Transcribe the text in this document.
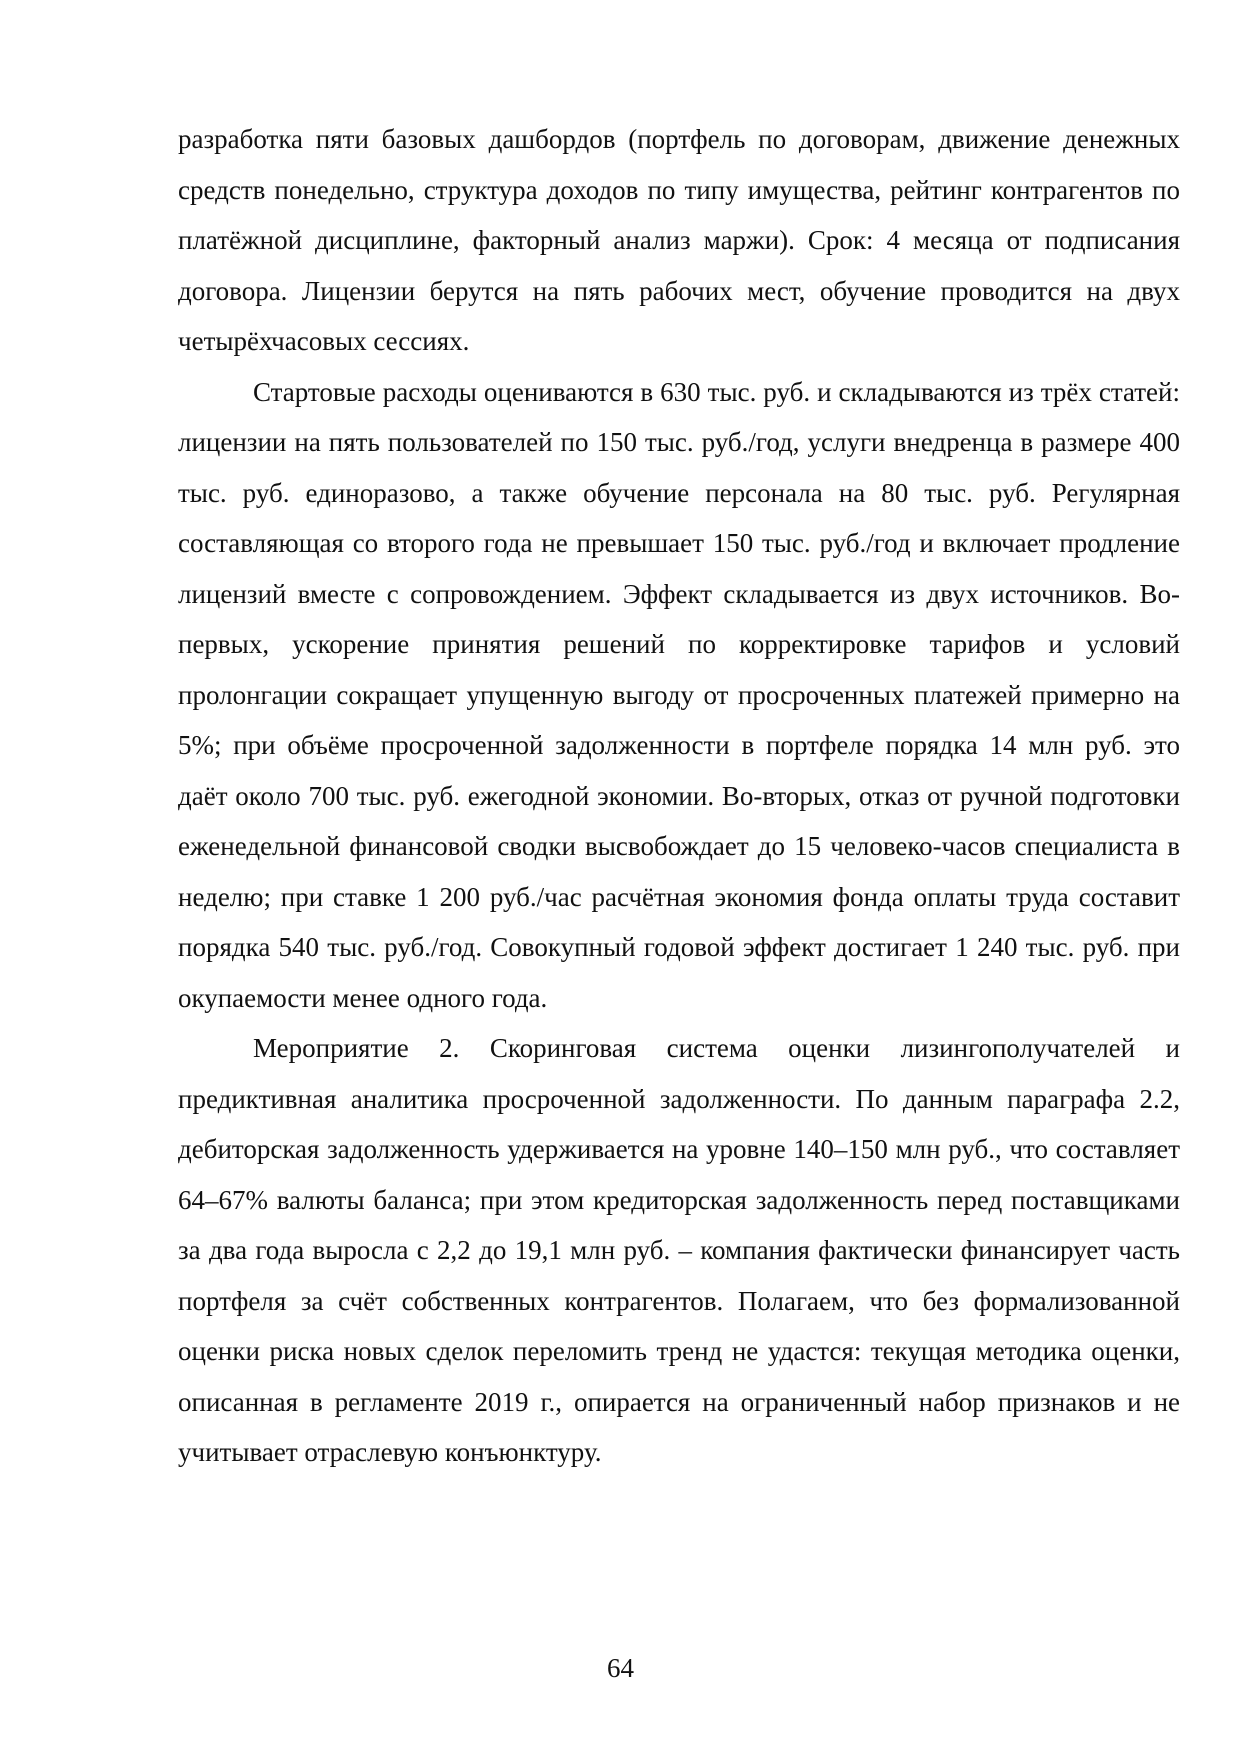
разработка пяти базовых дашбордов (портфель по договорам, движение денежных средств понедельно, структура доходов по типу имущества, рейтинг контрагентов по платёжной дисциплине, факторный анализ маржи). Срок: 4 месяца от подписания договора. Лицензии берутся на пять рабочих мест, обучение проводится на двух четырёхчасовых сессиях.

Стартовые расходы оцениваются в 630 тыс. руб. и складываются из трёх статей: лицензии на пять пользователей по 150 тыс. руб./год, услуги внедренца в размере 400 тыс. руб. единоразово, а также обучение персонала на 80 тыс. руб. Регулярная составляющая со второго года не превышает 150 тыс. руб./год и включает продление лицензий вместе с сопровождением. Эффект складывается из двух источников. Во-первых, ускорение принятия решений по корректировке тарифов и условий пролонгации сокращает упущенную выгоду от просроченных платежей примерно на 5%; при объёме просроченной задолженности в портфеле порядка 14 млн руб. это даёт около 700 тыс. руб. ежегодной экономии. Во-вторых, отказ от ручной подготовки еженедельной финансовой сводки высвобождает до 15 человеко-часов специалиста в неделю; при ставке 1 200 руб./час расчётная экономия фонда оплаты труда составит порядка 540 тыс. руб./год. Совокупный годовой эффект достигает 1 240 тыс. руб. при окупаемости менее одного года.

Мероприятие 2. Скоринговая система оценки лизингополучателей и предиктивная аналитика просроченной задолженности. По данным параграфа 2.2, дебиторская задолженность удерживается на уровне 140–150 млн руб., что составляет 64–67% валюты баланса; при этом кредиторская задолженность перед поставщиками за два года выросла с 2,2 до 19,1 млн руб. – компания фактически финансирует часть портфеля за счёт собственных контрагентов. Полагаем, что без формализованной оценки риска новых сделок переломить тренд не удастся: текущая методика оценки, описанная в регламенте 2019 г., опирается на ограниченный набор признаков и не учитывает отраслевую конъюнктуру.

64
